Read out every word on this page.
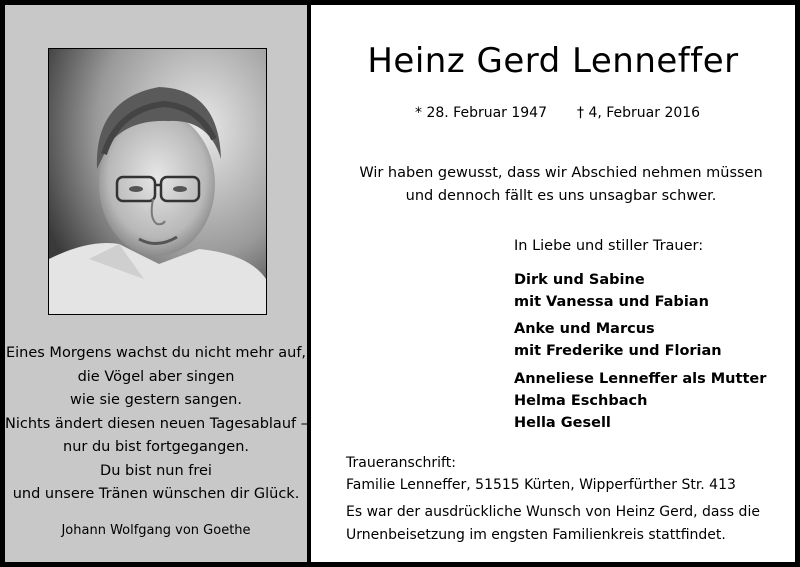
Eines Morgens wachst du nicht mehr auf,
die Vögel aber singen
wie sie gestern sangen.
Nichts ändert diesen neuen Tagesablauf –
nur du bist fortgegangen.
Du bist nun frei
und unsere Tränen wünschen dir Glück.
Johann Wolfgang von Goethe
Heinz Gerd Lenneffer
* 28. Februar 1947 † 4, Februar 2016
Wir haben gewusst, dass wir Abschied nehmen müssen
und dennoch fällt es uns unsagbar schwer.
In Liebe und stiller Trauer:
Dirk und Sabine
mit Vanessa und Fabian
Anke und Marcus
mit Frederike und Florian
Anneliese Lenneffer als Mutter
Helma Eschbach
Hella Gesell
Traueranschrift:
Familie Lenneffer, 51515 Kürten, Wipperfürther Str. 413
Es war der ausdrückliche Wunsch von Heinz Gerd, dass die
Urnenbeisetzung im engsten Familienkreis stattfindet.
